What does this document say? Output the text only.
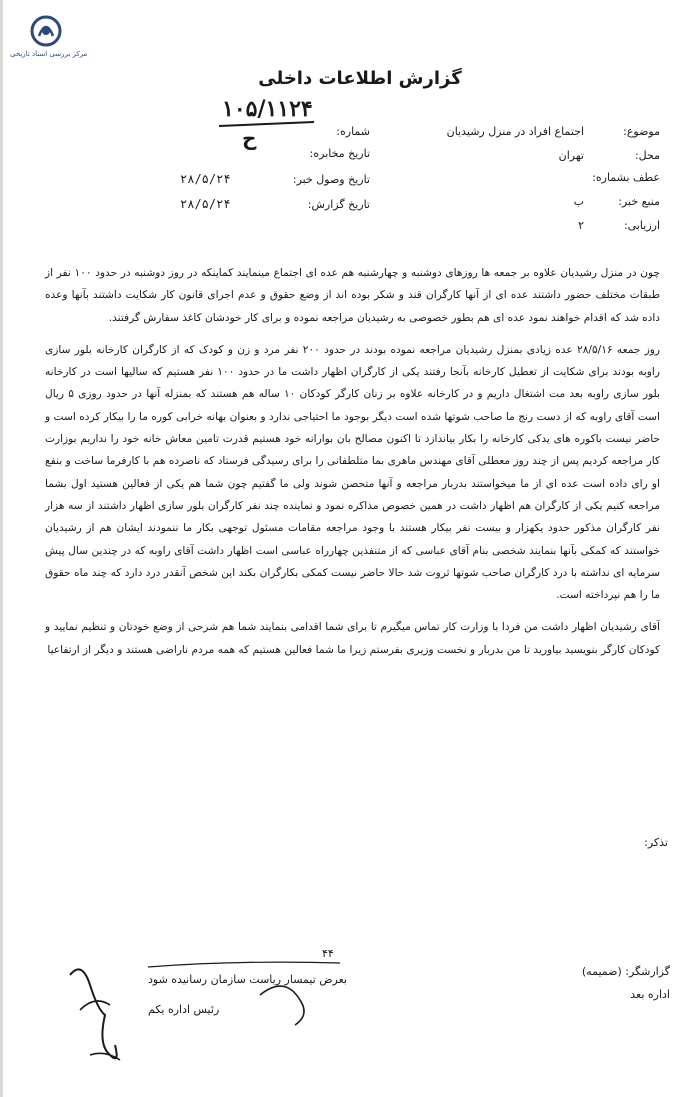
مرکز بررسی اسناد تاریخی
گزارش اطلاعات داخلی
۱۰۵/۱۱۲۴
ح	شماره:
تاریخ مخابره:
تاریخ وصول خبر:۲۸/۵/۲۴
تاریخ گزارش:۲۸/۵/۲۴
موضوع:اجتماع افراد در منزل رشیدیان
محل:تهران
عطف بشماره:
منبع خبر:ب
ارزیابی:۲

چون در منزل رشیدیان علاوه بر جمعه ها روزهای دوشنبه و چهارشنبه هم عده ای اجتماع مینمایند کماینکه در روز دوشنبه در حدود ۱۰۰ نفر از طبقات مختلف حضور داشتند عده ای از آنها کارگران قند و شکر بوده اند از وضع حقوق و عدم اجرای قانون کار شکایت داشتند بآنها وعده داده شد که اقدام خواهند نمود عده ای هم بطور خصوصی به رشیدیان مراجعه نموده و برای کار خودشان کاغذ سفارش گرفتند.

روز جمعه ۲۸/۵/۱۶ عده زیادی بمنزل رشیدیان مراجعه نموده بودند در حدود ۲۰۰ نفر مرد و زن و کودک که از کارگران کارخانه بلور سازی راوبه بودند برای شکایت از تعطیل کارخانه بآنجا رفتند یکی از کارگران اظهار داشت ما در حدود ۱۰۰ نفر هستیم که سالیها است در کارخانه بلور سازی راوبه بعد مت اشتغال داریم و در کارخانه علاوه بر زنان کارگر کودکان ۱۰ ساله هم هستند که بمنزله آنها در حدود روزی ۵ ریال است آقای راوبه که از دست رنج ما صاحب شوتها شده است دیگر بوجود ما احتیاجی ندارد و بعنوان بهانه خرابی کوره ما را بیکار کرده است و حاضر نیست باکوره های یدکی کارخانه را بکار بیاندازد تا اکنون مصالح بان بوارانه خود هستیم قدرت تامین معاش خانه خود را نداریم بوزارت کار مراجعه کردیم پس از چند روز معطلی آقای مهندس ماهری بما متلطفانی را برای رسیدگی فرستاد که ناصرده هم با کارفرما ساخت و بنفع او رای داده است عده ای از ما میخواستند بدربار مراجعه و آنها متحصن شوند ولی ما گفتیم چون شما هم یکی از فعالین هستید اول بشما مراجعه کنیم یکی از کارگران هم اظهار داشت در همین خصوص مذاکره نمود و نماینده چند نفر کارگران بلور سازی اظهار داشتند از سه هزار نفر کارگران مذکور حدود یکهزار و بیست نفر بیکار هستند با وجود مراجعه مقامات مسئول توجهی بکار ما ننمودند ایشان هم از رشیدیان خواستند که کمکی بآنها بنمایند شخصی بنام آقای عباسی که از متنفذین چهارراه عباسی است اظهار داشت آقای راوبه که در چندین سال پیش سرمایه ای نداشته با درد کارگران صاحب شوتها ثروت شد حالا حاضر نیست کمکی بکارگران بکند این شخص آنقدر درد دارد که چند ماه حقوق ما را هم نپرداخته است.

آقای رشیدیان اظهار داشت من فردا با وزارت کار تماس میگیرم تا برای شما اقدامی بنمایند شما هم شرحی از وضع خودتان و تنظیم نمایید و کودکان کارگر بنویسید بیاورید تا من بدربار و نخست وزیری بفرستم زیرا ما شما فعالین هستیم که همه مردم ناراضی هستند و دیگر از ارتفاعیا

تذکر:
۴۴
بعرض تیمسار ریاست سازمان رسانیده شود
رئیس اداره یکم
گزارشگر: (ضمیمه)
اداره بعد
